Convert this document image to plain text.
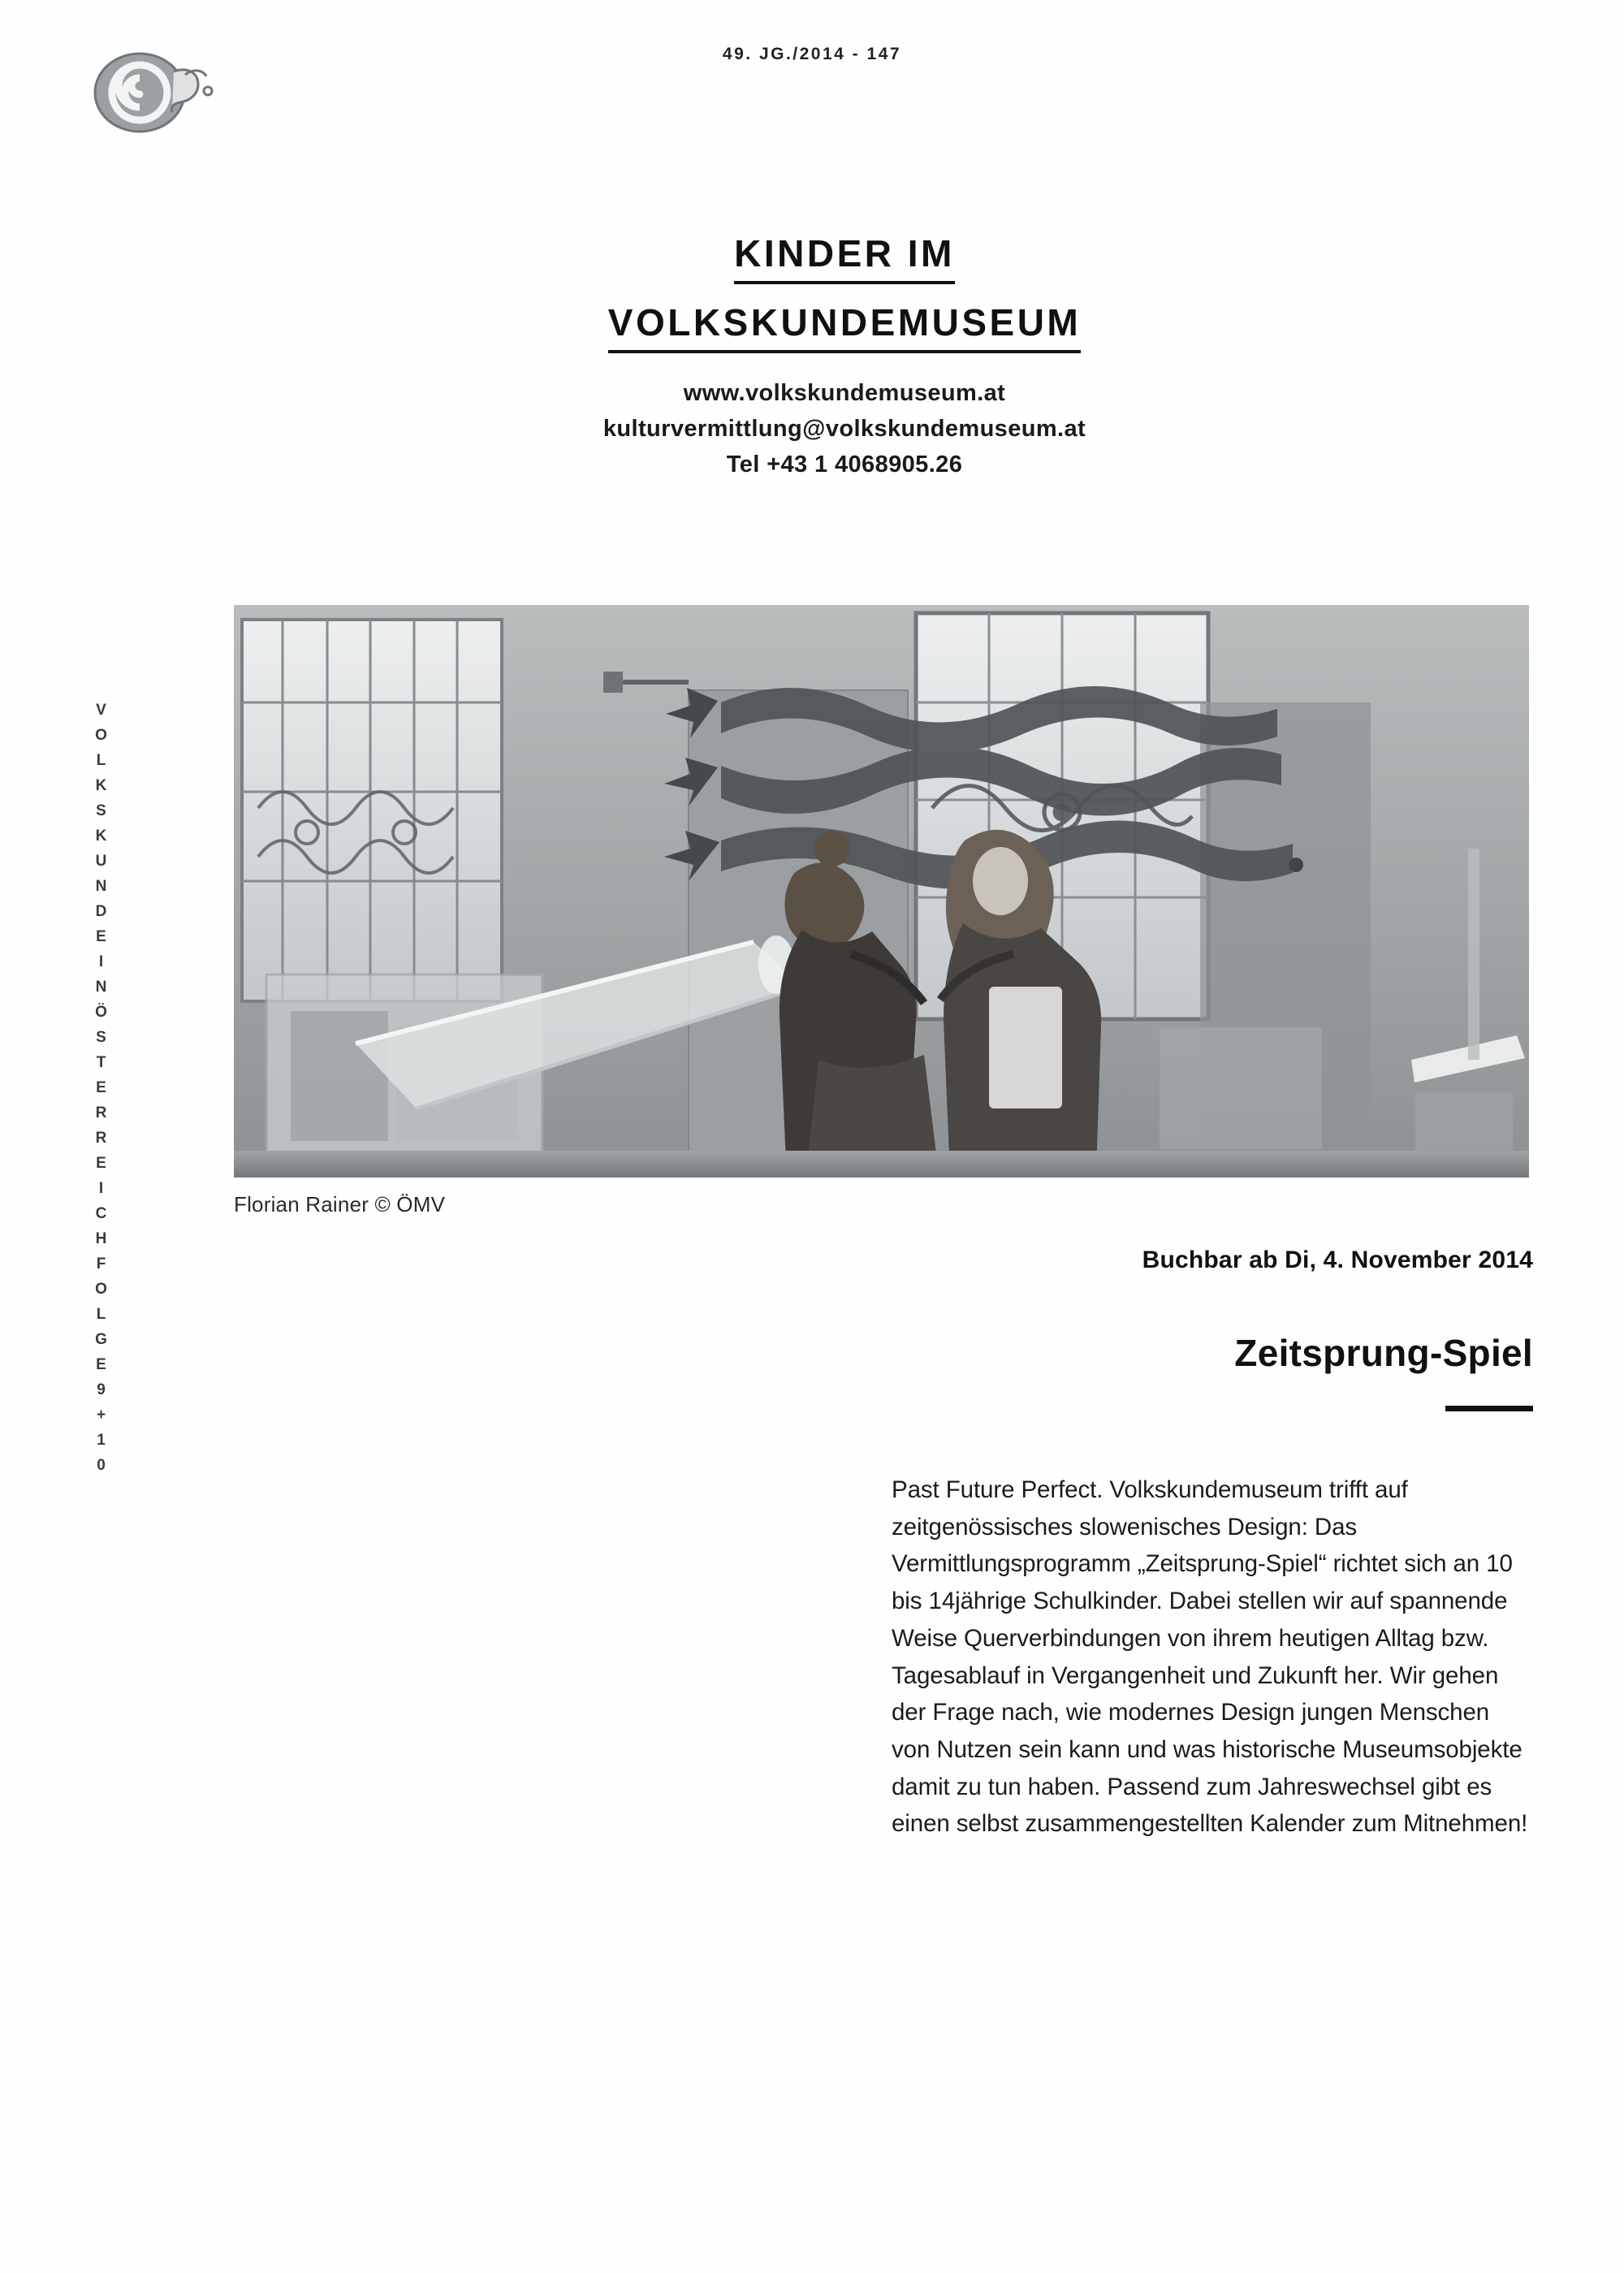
49. JG./2014 - 147
V
O
L
K
S
K
U
N
D
E
I
N
Ö
S
T
E
R
R
E
I
C
H
F
O
L
G
E
9
+
1
0
KINDER IM
VOLKSKUNDEMUSEUM
www.volkskundemuseum.at
kulturvermittlung@volkskundemuseum.at
Tel +43 1 4068905.26
Florian Rainer © ÖMV
Buchbar ab Di, 4. November 2014
Zeitsprung-Spiel
Past Future Perfect. Volkskundemuseum trifft auf zeitgenössisches slowenisches Design: Das Vermittlungsprogramm „Zeitsprung-Spiel“ richtet sich an 10 bis 14jährige Schulkinder. Dabei stellen wir auf spannende Weise Querverbindungen von ihrem heutigen Alltag bzw. Tagesablauf in Vergangenheit und Zukunft her. Wir gehen der Frage nach, wie modernes Design jungen Menschen von Nutzen sein kann und was historische Museumsobjekte damit zu tun haben. Passend zum Jahreswechsel gibt es einen selbst zusammengestellten Kalender zum Mitnehmen!
